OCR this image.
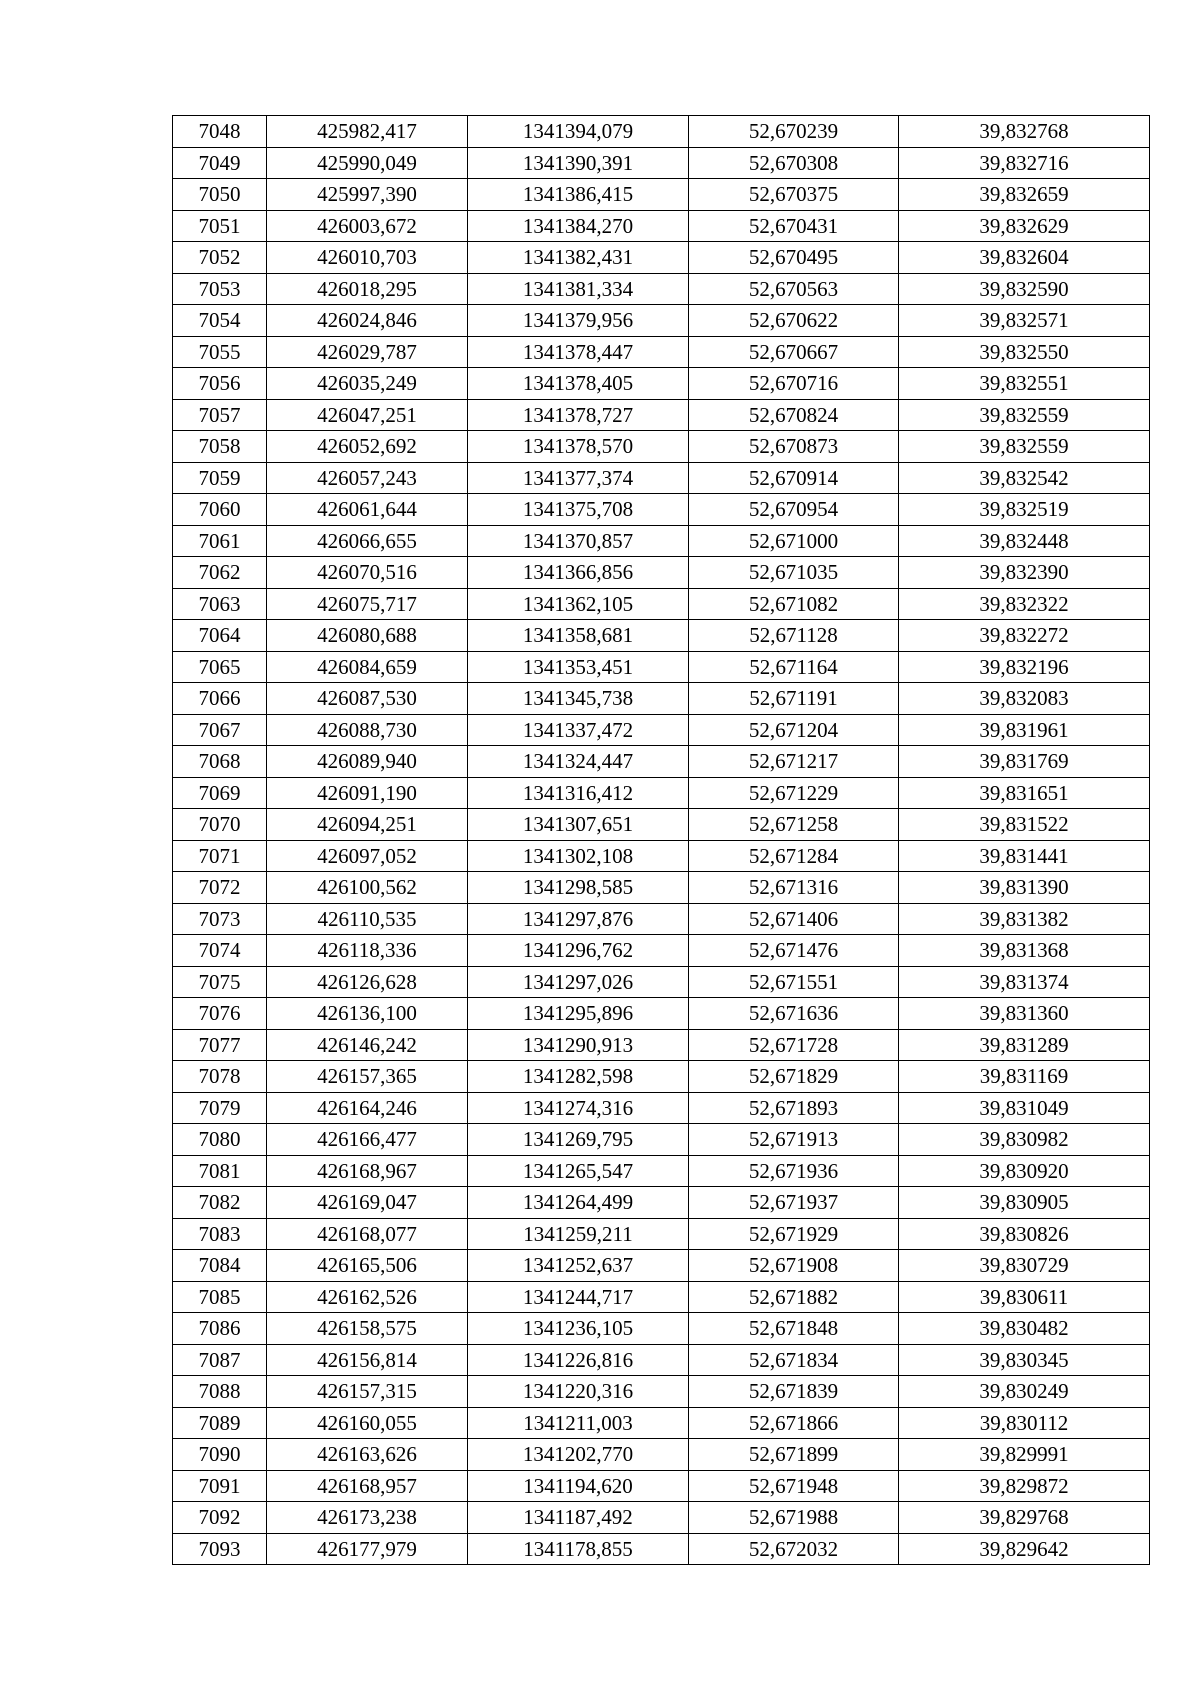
7048	425982,417	1341394,079	52,670239	39,832768
7049	425990,049	1341390,391	52,670308	39,832716
7050	425997,390	1341386,415	52,670375	39,832659
7051	426003,672	1341384,270	52,670431	39,832629
7052	426010,703	1341382,431	52,670495	39,832604
7053	426018,295	1341381,334	52,670563	39,832590
7054	426024,846	1341379,956	52,670622	39,832571
7055	426029,787	1341378,447	52,670667	39,832550
7056	426035,249	1341378,405	52,670716	39,832551
7057	426047,251	1341378,727	52,670824	39,832559
7058	426052,692	1341378,570	52,670873	39,832559
7059	426057,243	1341377,374	52,670914	39,832542
7060	426061,644	1341375,708	52,670954	39,832519
7061	426066,655	1341370,857	52,671000	39,832448
7062	426070,516	1341366,856	52,671035	39,832390
7063	426075,717	1341362,105	52,671082	39,832322
7064	426080,688	1341358,681	52,671128	39,832272
7065	426084,659	1341353,451	52,671164	39,832196
7066	426087,530	1341345,738	52,671191	39,832083
7067	426088,730	1341337,472	52,671204	39,831961
7068	426089,940	1341324,447	52,671217	39,831769
7069	426091,190	1341316,412	52,671229	39,831651
7070	426094,251	1341307,651	52,671258	39,831522
7071	426097,052	1341302,108	52,671284	39,831441
7072	426100,562	1341298,585	52,671316	39,831390
7073	426110,535	1341297,876	52,671406	39,831382
7074	426118,336	1341296,762	52,671476	39,831368
7075	426126,628	1341297,026	52,671551	39,831374
7076	426136,100	1341295,896	52,671636	39,831360
7077	426146,242	1341290,913	52,671728	39,831289
7078	426157,365	1341282,598	52,671829	39,831169
7079	426164,246	1341274,316	52,671893	39,831049
7080	426166,477	1341269,795	52,671913	39,830982
7081	426168,967	1341265,547	52,671936	39,830920
7082	426169,047	1341264,499	52,671937	39,830905
7083	426168,077	1341259,211	52,671929	39,830826
7084	426165,506	1341252,637	52,671908	39,830729
7085	426162,526	1341244,717	52,671882	39,830611
7086	426158,575	1341236,105	52,671848	39,830482
7087	426156,814	1341226,816	52,671834	39,830345
7088	426157,315	1341220,316	52,671839	39,830249
7089	426160,055	1341211,003	52,671866	39,830112
7090	426163,626	1341202,770	52,671899	39,829991
7091	426168,957	1341194,620	52,671948	39,829872
7092	426173,238	1341187,492	52,671988	39,829768
7093	426177,979	1341178,855	52,672032	39,829642
